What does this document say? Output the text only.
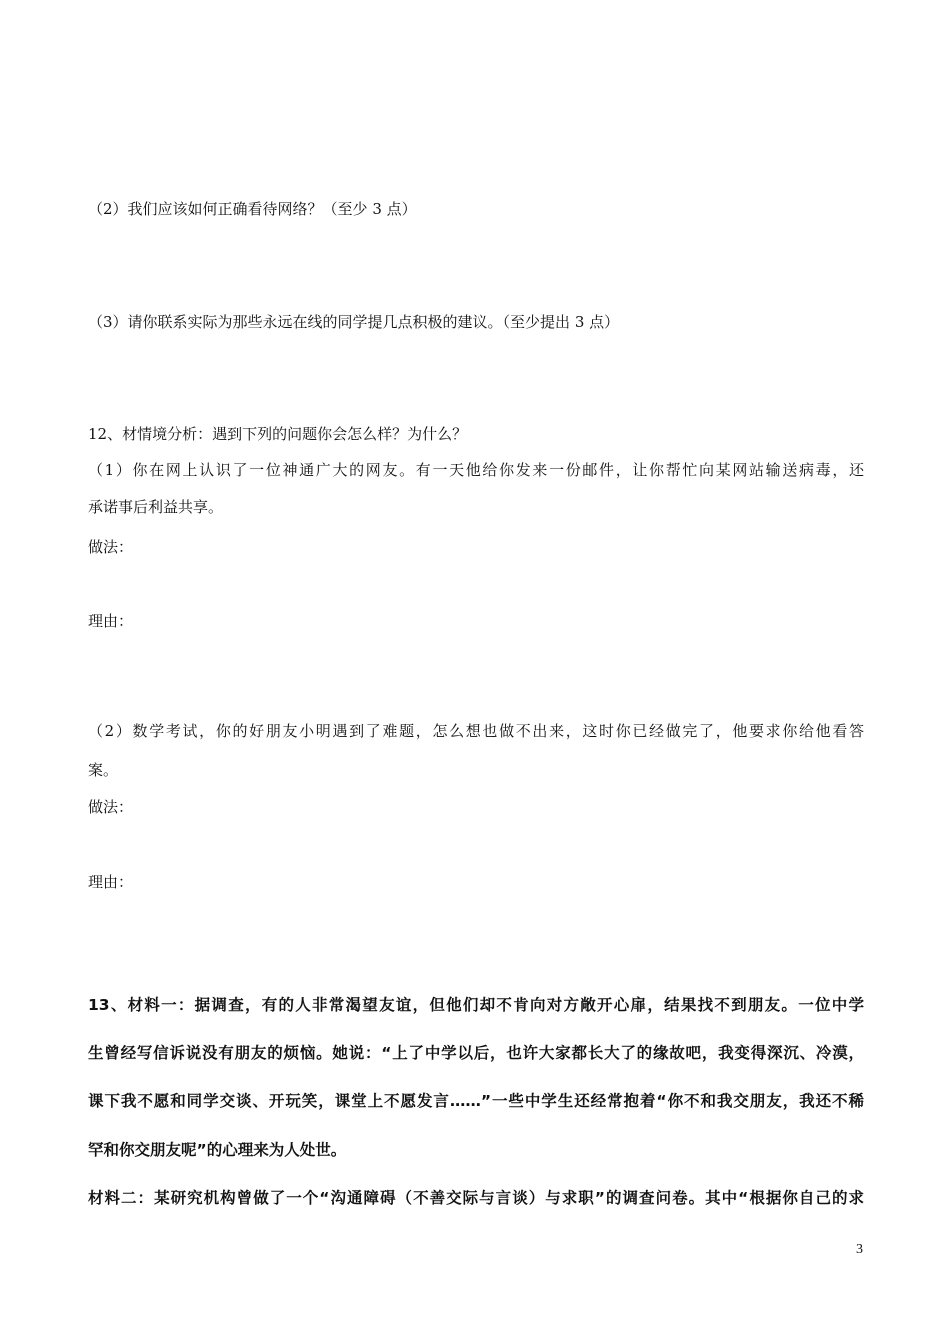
（2）我们应该如何正确看待网络？（至少 3 点）
（3）请你联系实际为那些永远在线的同学提几点积极的建议。（至少提出 3 点）
12、材情境分析：遇到下列的问题你会怎么样？为什么？
（1）你在网上认识了一位神通广大的网友。有一天他给你发来一份邮件，让你帮忙向某网站输送病毒，还
承诺事后利益共享。
做法：
理由：
（2）数学考试，你的好朋友小明遇到了难题，怎么想也做不出来，这时你已经做完了，他要求你给他看答
案。
做法：
理由：
13、材料一：据调查，有的人非常渴望友谊，但他们却不肯向对方敞开心扉，结果找不到朋友。一位中学
生曾经写信诉说没有朋友的烦恼。她说：“上了中学以后，也许大家都长大了的缘故吧，我变得深沉、冷漠，
课下我不愿和同学交谈、开玩笑，课堂上不愿发言……”一些中学生还经常抱着“你不和我交朋友，我还不稀
罕和你交朋友呢”的心理来为人处世。
材料二：某研究机构曾做了一个“沟通障碍（不善交际与言谈）与求职”的调查问卷。其中“根据你自己的求
3
